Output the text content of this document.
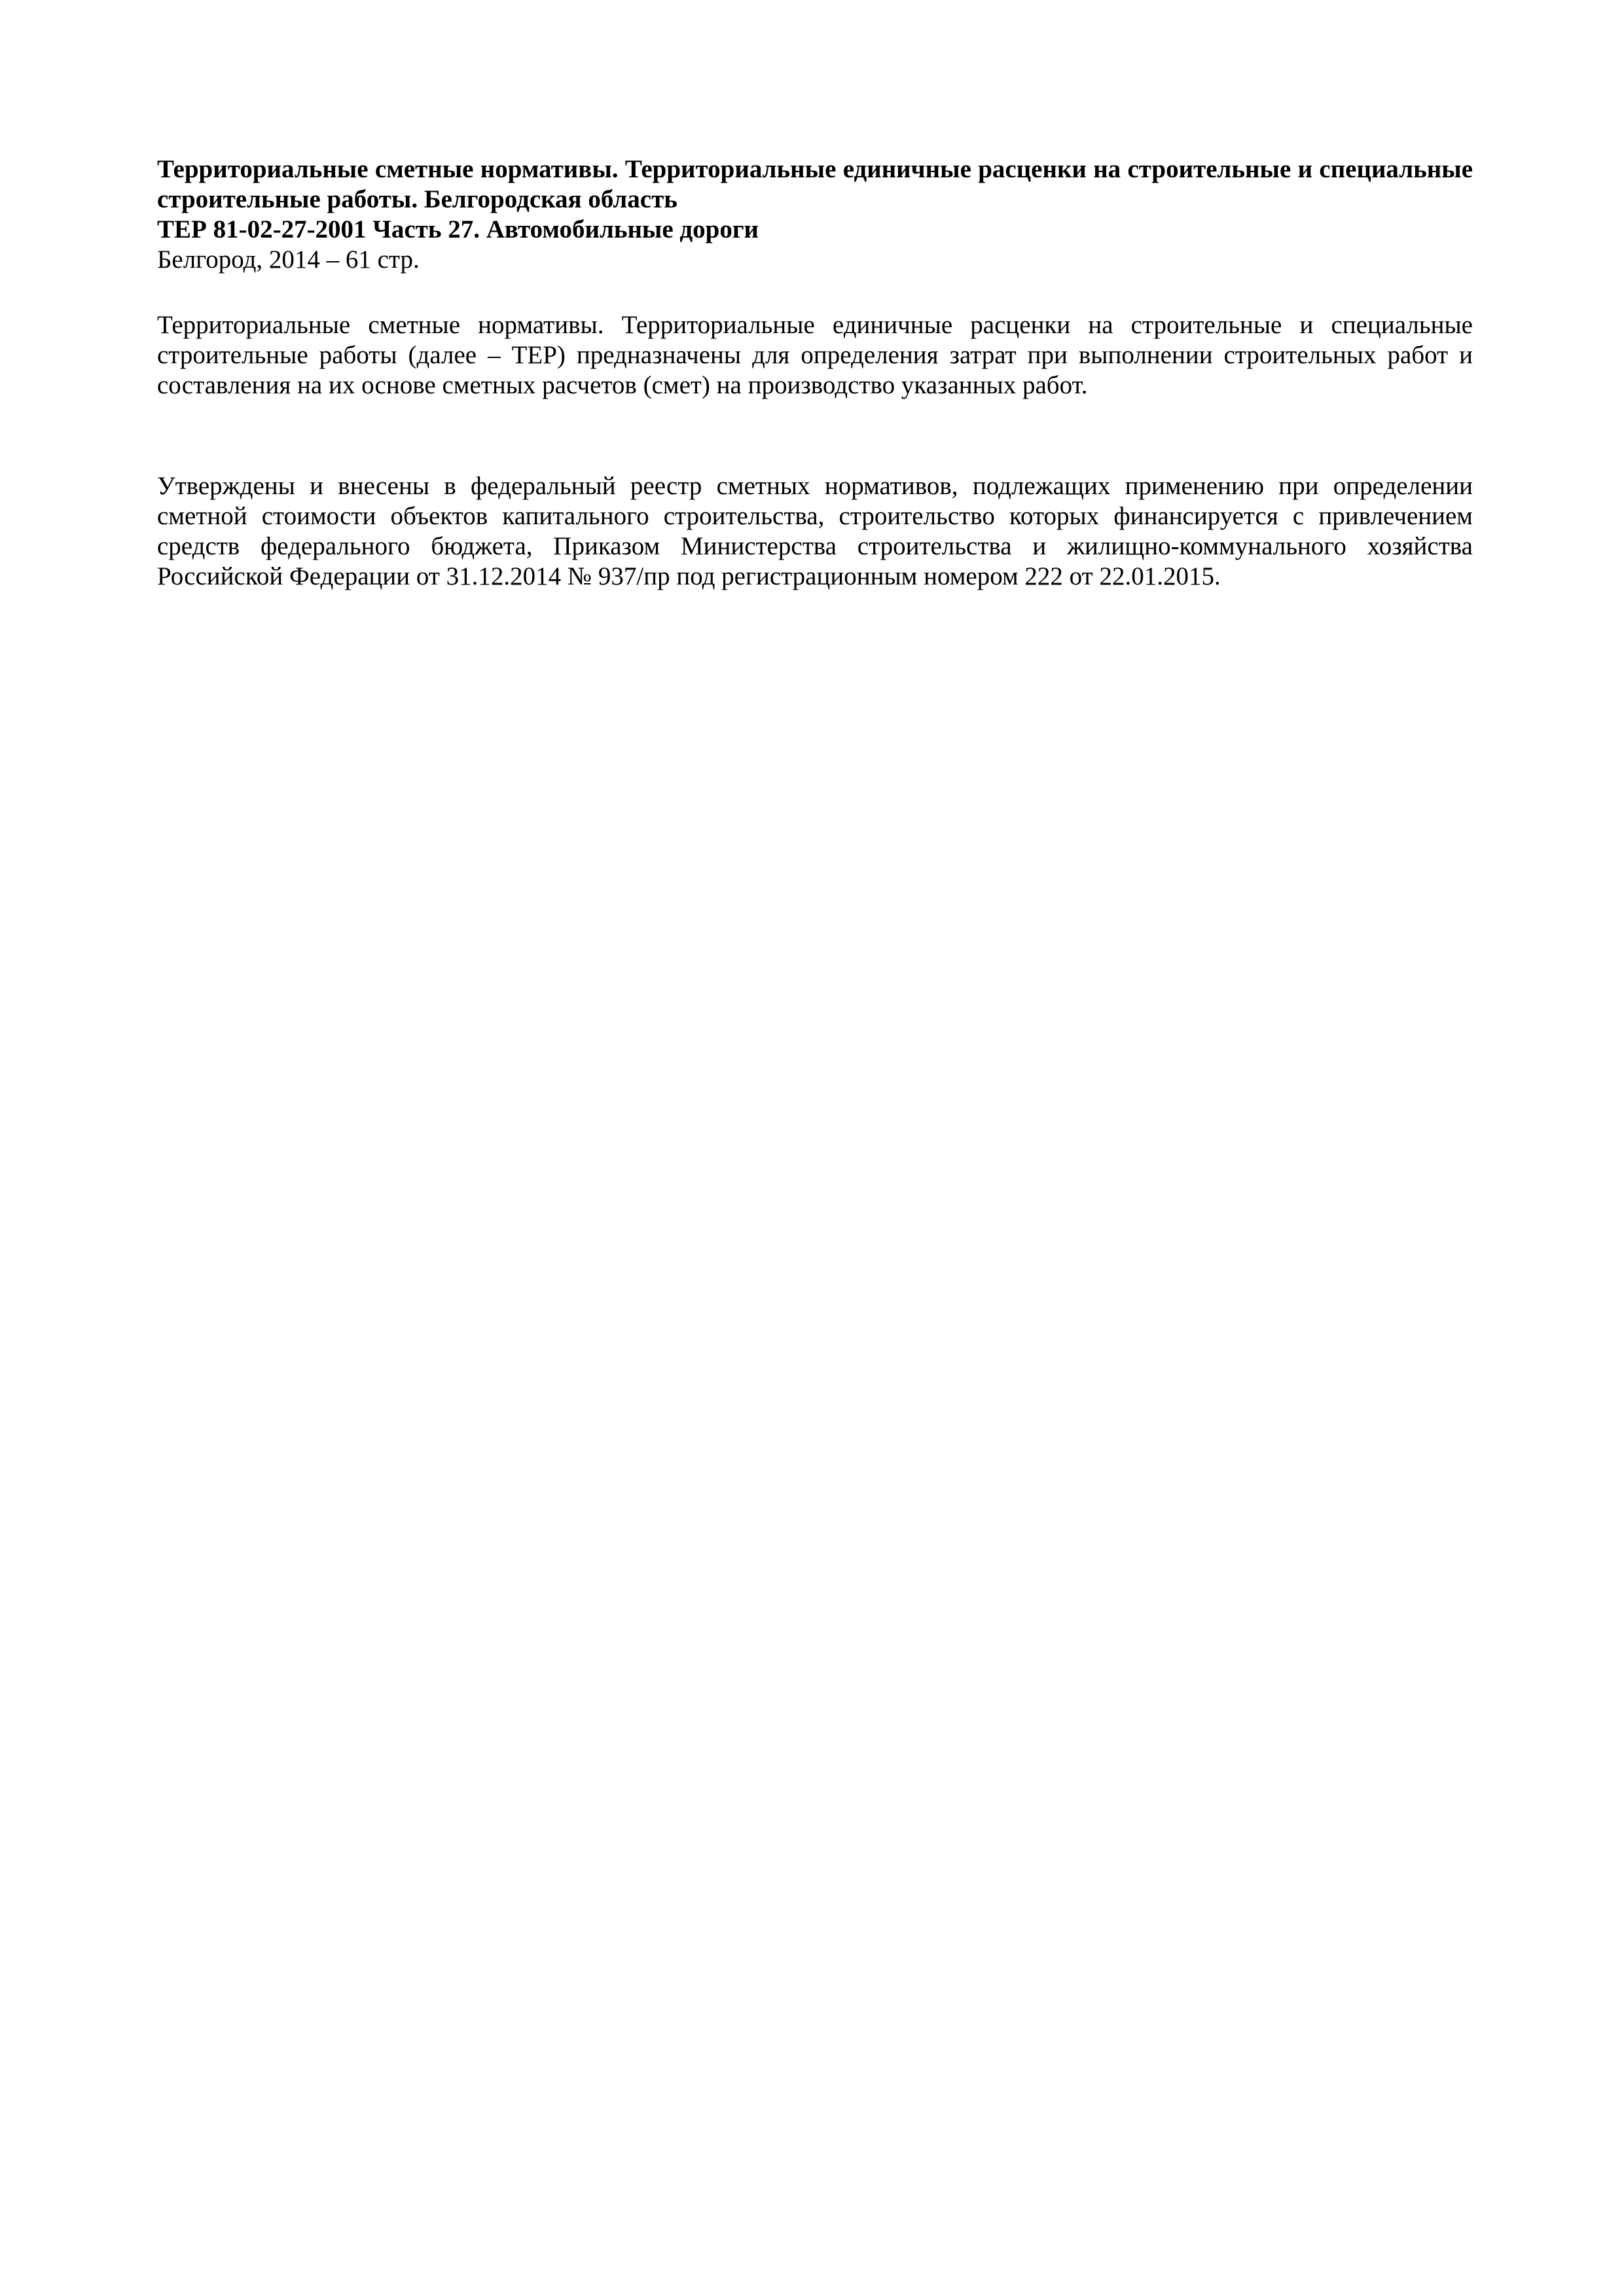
Территориальные сметные нормативы. Территориальные единичные расценки на строительные и специальные строительные работы. Белгородская область

ТЕР 81-02-27-2001 Часть 27. Автомобильные дороги

Белгород, 2014 – 61 стр.

Территориальные сметные нормативы. Территориальные единичные расценки на строительные и специальные строительные работы (далее – ТЕР) предназначены для определения затрат при выполнении строительных работ и составления на их основе сметных расчетов (смет) на производство указанных работ.

Утверждены и внесены в федеральный реестр сметных нормативов, подлежащих применению при определении сметной стоимости объектов капитального строительства, строительство которых финансируется с привлечением средств федерального бюджета, Приказом Министерства строительства и жилищно-коммунального хозяйства Российской Федерации от 31.12.2014 № 937/пр под регистрационным номером 222 от 22.01.2015.
